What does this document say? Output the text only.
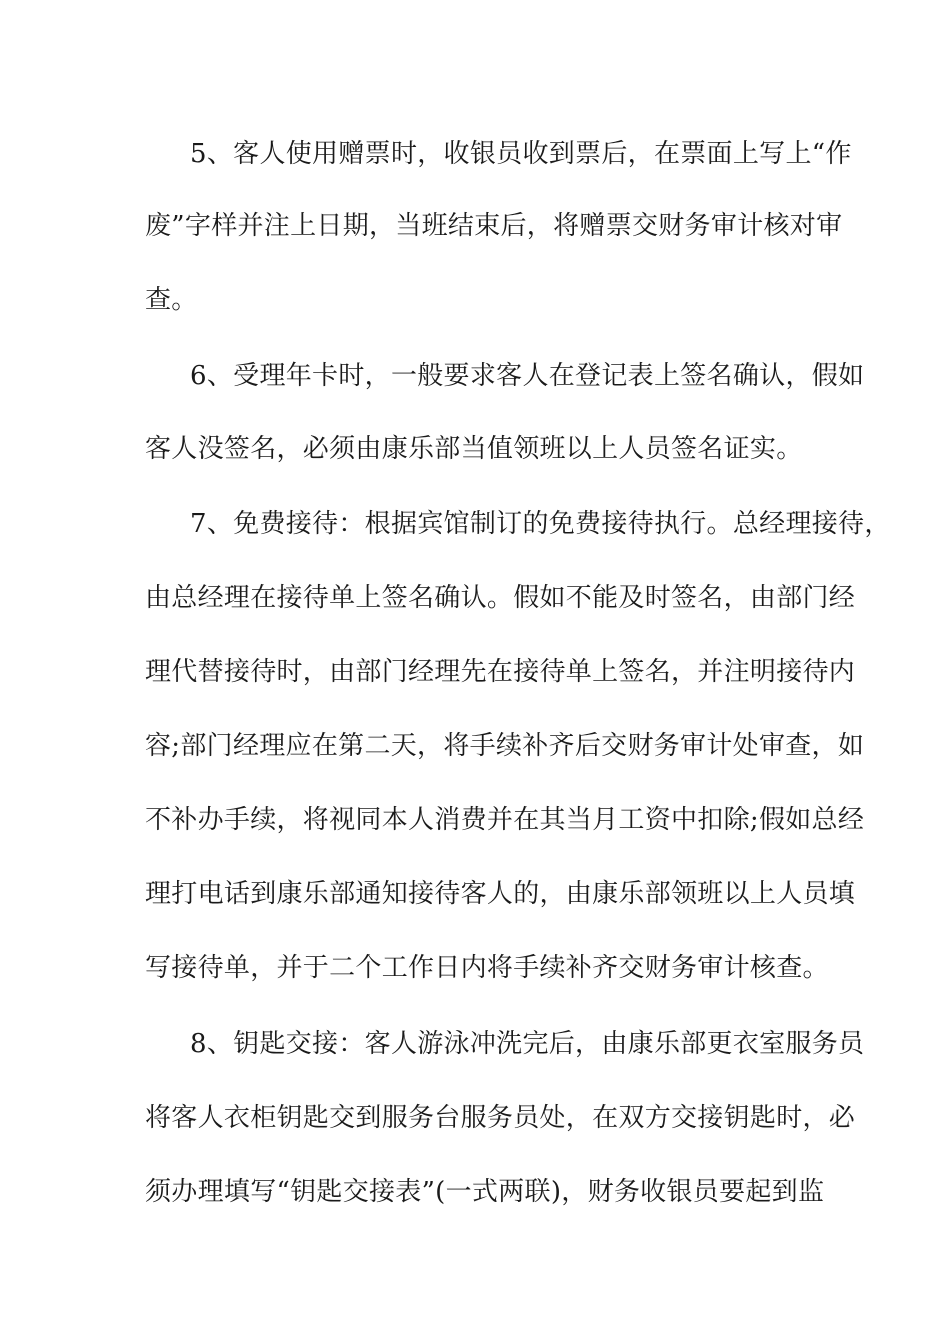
5、客人使用赠票时，收银员收到票后，在票面上写上“作
废”字样并注上日期，当班结束后，将赠票交财务审计核对审
查。
6、受理年卡时，一般要求客人在登记表上签名确认，假如
客人没签名，必须由康乐部当值领班以上人员签名证实。
7、免费接待：根据宾馆制订的免费接待执行。总经理接待，
由总经理在接待单上签名确认。假如不能及时签名，由部门经
理代替接待时，由部门经理先在接待单上签名，并注明接待内
容;部门经理应在第二天，将手续补齐后交财务审计处审查，如
不补办手续，将视同本人消费并在其当月工资中扣除;假如总经
理打电话到康乐部通知接待客人的，由康乐部领班以上人员填
写接待单，并于二个工作日内将手续补齐交财务审计核查。
8、钥匙交接：客人游泳冲洗完后，由康乐部更衣室服务员
将客人衣柜钥匙交到服务台服务员处，在双方交接钥匙时，必
须办理填写“钥匙交接表”(一式两联)，财务收银员要起到监
